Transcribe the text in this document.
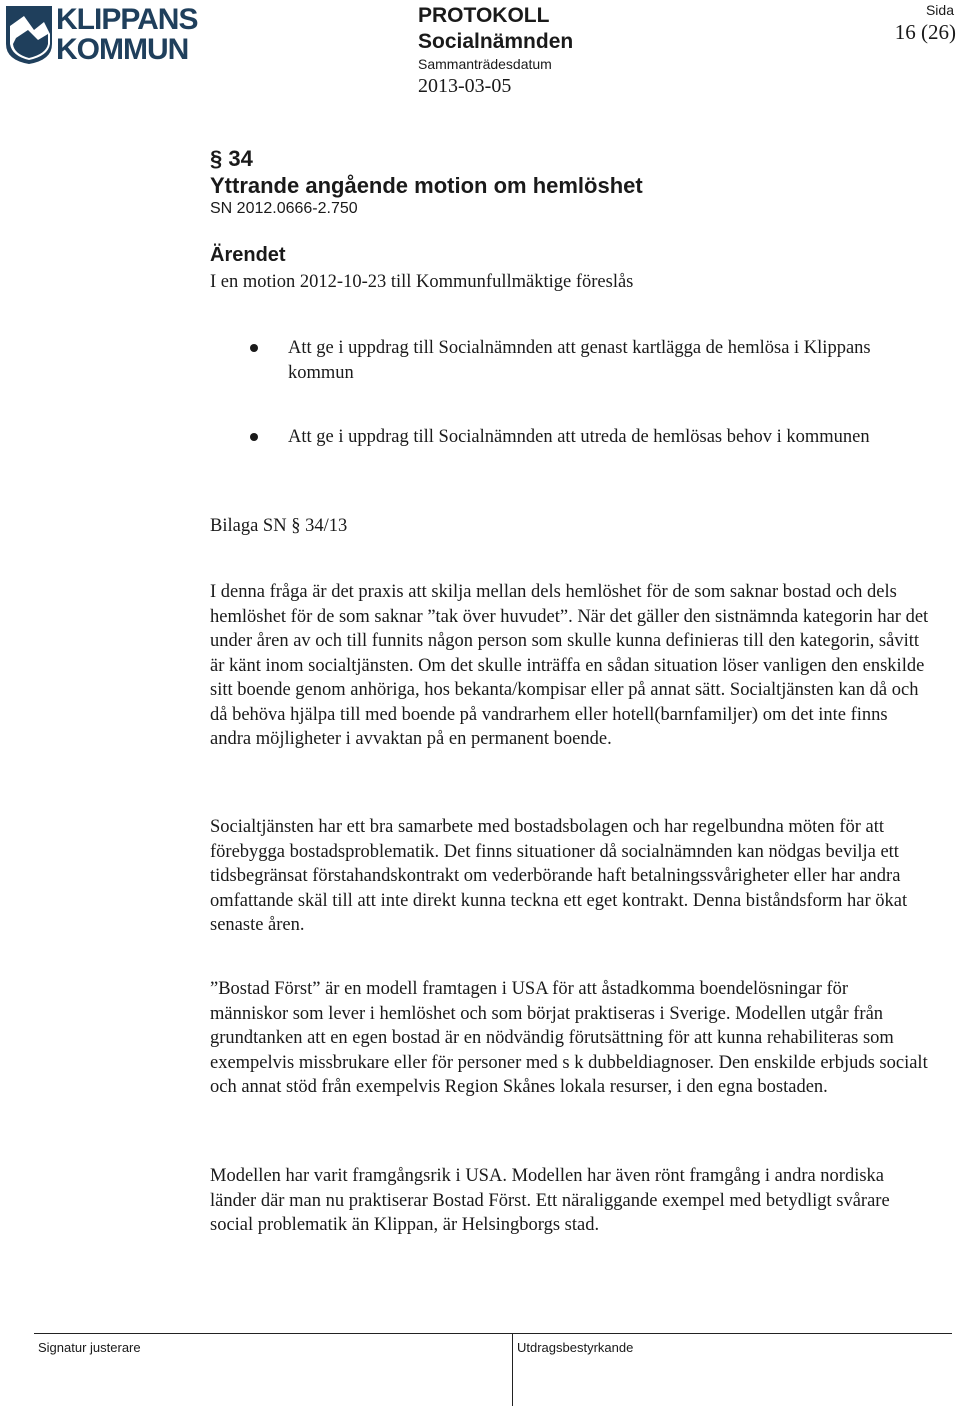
KLIPPANS
KOMMUN
PROTOKOLL
Socialnämnden
Sammanträdesdatum
2013-03-05
Sida
16 (26)
§ 34
Yttrande angående motion om hemlöshet
SN 2012.0666-2.750
Ärendet
I en motion 2012-10-23 till Kommunfullmäktige föreslås
Att ge i uppdrag till Socialnämnden att genast kartlägga de hemlösa i Klippans kommun
Att ge i uppdrag till Socialnämnden att utreda de hemlösas behov i kommunen
Bilaga SN § 34/13
I denna fråga är det praxis att skilja mellan dels hemlöshet för de som saknar bostad och dels hemlöshet för de som saknar ”tak över huvudet”. När det gäller den sistnämnda kategorin har det under åren av och till funnits någon person som skulle kunna definieras till den kategorin, såvitt är känt inom socialtjänsten. Om det skulle inträffa en sådan situation löser vanligen den enskilde sitt boende genom anhöriga, hos bekanta/kompisar eller på annat sätt. Socialtjänsten kan då och då behöva hjälpa till med boende på vandrarhem eller hotell(barnfamiljer) om det inte finns andra möjligheter i avvaktan på en permanent boende.
Socialtjänsten har ett bra samarbete med bostadsbolagen och har regelbundna möten för att förebygga bostadsproblematik. Det finns situationer då socialnämnden kan nödgas bevilja ett tidsbegränsat förstahandskontrakt om vederbörande haft betalningssvårigheter eller har andra omfattande skäl till att inte direkt kunna teckna ett eget kontrakt. Denna biståndsform har ökat senaste åren.
”Bostad Först” är en modell framtagen i USA för att åstadkomma boendelösningar för människor som lever i hemlöshet och som börjat praktiseras i Sverige. Modellen utgår från grundtanken att en egen bostad är en nödvändig förutsättning för att kunna rehabiliteras som exempelvis missbrukare eller för personer med s k dubbeldiagnoser. Den enskilde erbjuds socialt och annat stöd från exempelvis Region Skånes lokala resurser, i den egna bostaden.
Modellen har varit framgångsrik i USA. Modellen har även rönt framgång i andra nordiska länder där man nu praktiserar Bostad Först. Ett näraliggande exempel med betydligt svårare social problematik än Klippan, är Helsingborgs stad.
Signatur justerare	Utdragsbestyrkande
